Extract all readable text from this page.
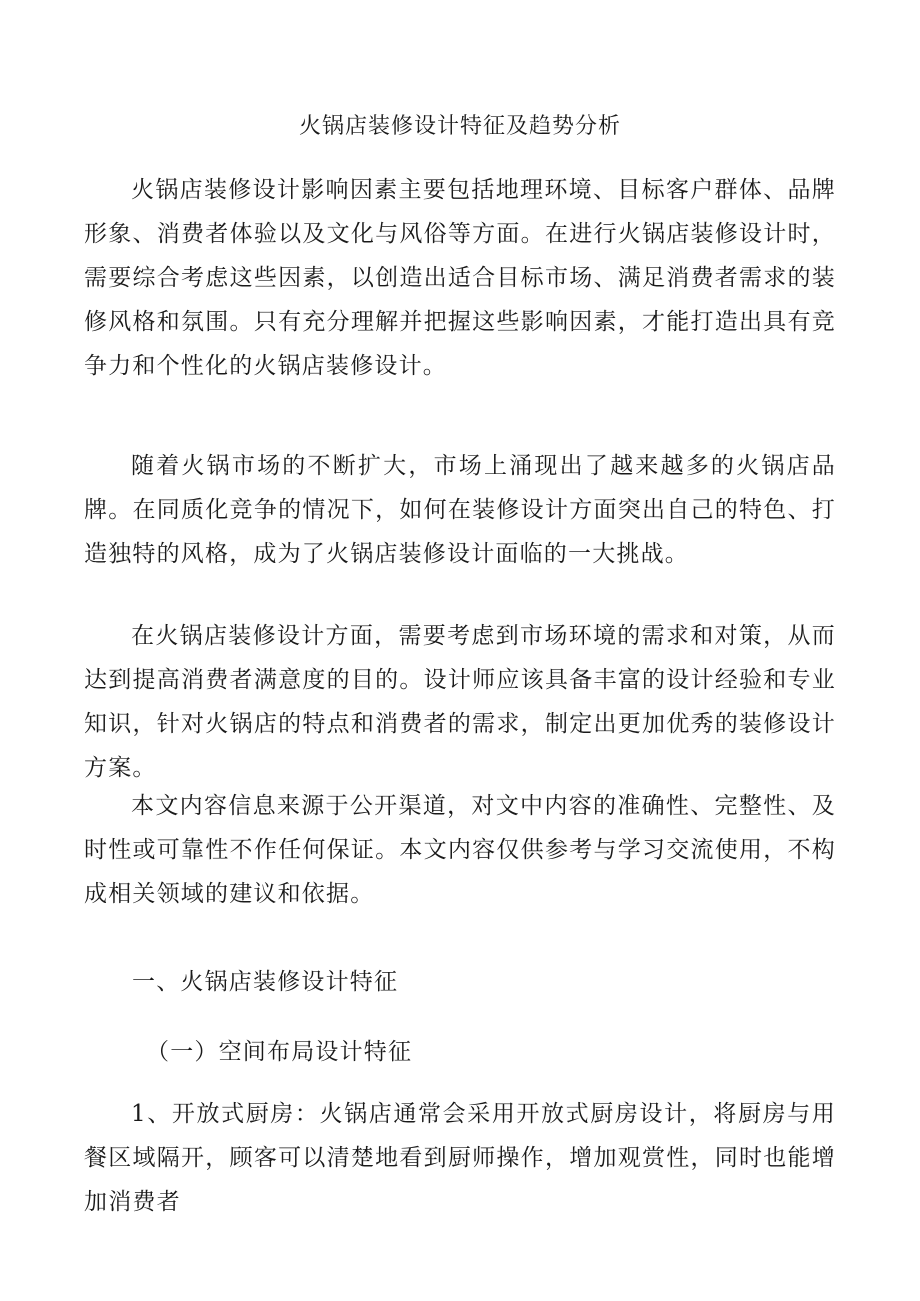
火锅店装修设计特征及趋势分析

火锅店装修设计影响因素主要包括地理环境、目标客户群体、品牌形象、消费者体验以及文化与风俗等方面。在进行火锅店装修设计时，需要综合考虑这些因素，以创造出适合目标市场、满足消费者需求的装修风格和氛围。只有充分理解并把握这些影响因素，才能打造出具有竞争力和个性化的火锅店装修设计。

随着火锅市场的不断扩大，市场上涌现出了越来越多的火锅店品牌。在同质化竞争的情况下，如何在装修设计方面突出自己的特色、打造独特的风格，成为了火锅店装修设计面临的一大挑战。

在火锅店装修设计方面，需要考虑到市场环境的需求和对策，从而达到提高消费者满意度的目的。设计师应该具备丰富的设计经验和专业知识，针对火锅店的特点和消费者的需求，制定出更加优秀的装修设计方案。

本文内容信息来源于公开渠道，对文中内容的准确性、完整性、及时性或可靠性不作任何保证。本文内容仅供参考与学习交流使用，不构成相关领域的建议和依据。

一、火锅店装修设计特征
（一）空间布局设计特征

1、开放式厨房：火锅店通常会采用开放式厨房设计，将厨房与用餐区域隔开，顾客可以清楚地看到厨师操作，增加观赏性，同时也能增加消费者
